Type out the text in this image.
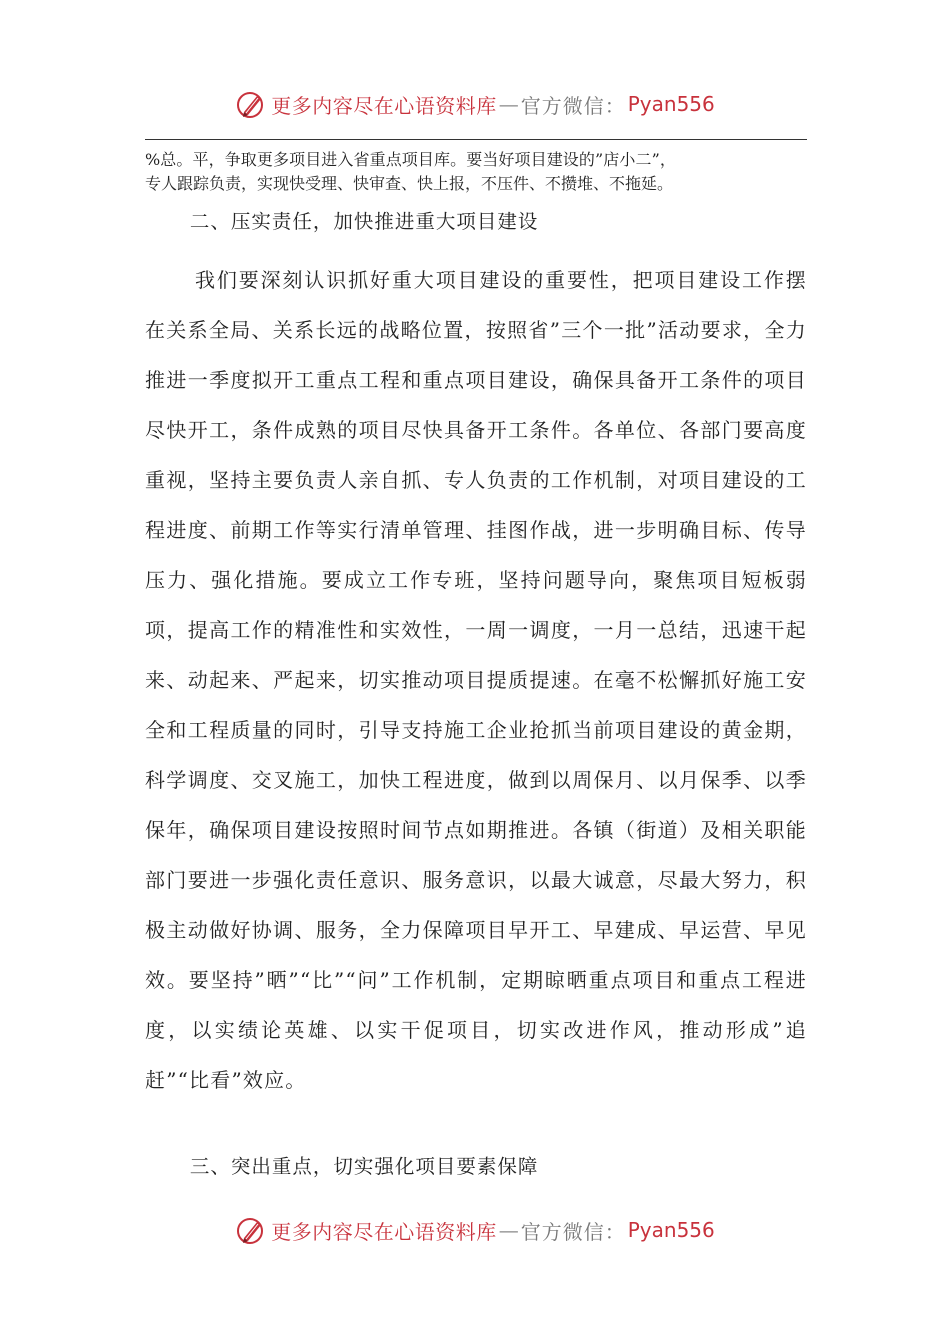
更多内容尽在心语资料库 — 官方微信： Pyan556

%总。平，争取更多项目进入省重点项目库。要当好项目建设的”店小二”，

专人跟踪负责，实现快受理、快审查、快上报，不压件、不攒堆、不拖延。

二、压实责任，加快推进重大项目建设

我们要深刻认识抓好重大项目建设的重要性，把项目建设工作摆在关系全局、关系长远的战略位置，按照省”三个一批”活动要求，全力推进一季度拟开工重点工程和重点项目建设，确保具备开工条件的项目尽快开工，条件成熟的项目尽快具备开工条件。各单位、各部门要高度重视，坚持主要负责人亲自抓、专人负责的工作机制，对项目建设的工程进度、前期工作等实行清单管理、挂图作战，进一步明确目标、传导压力、强化措施。要成立工作专班，坚持问题导向，聚焦项目短板弱项，提高工作的精准性和实效性，一周一调度，一月一总结，迅速干起来、动起来、严起来，切实推动项目提质提速。在毫不松懈抓好施工安全和工程质量的同时，引导支持施工企业抢抓当前项目建设的黄金期，科学调度、交叉施工，加快工程进度，做到以周保月、以月保季、以季保年，确保项目建设按照时间节点如期推进。各镇（街道）及相关职能部门要进一步强化责任意识、服务意识，以最大诚意，尽最大努力，积极主动做好协调、服务，全力保障项目早开工、早建成、早运营、早见效。要坚持”晒”“比”“问”工作机制，定期晾晒重点项目和重点工程进度，以实绩论英雄、以实干促项目，切实改进作风，推动形成”追赶”“比看”效应。

三、突出重点，切实强化项目要素保障
更多内容尽在心语资料库 — 官方微信： Pyan556
